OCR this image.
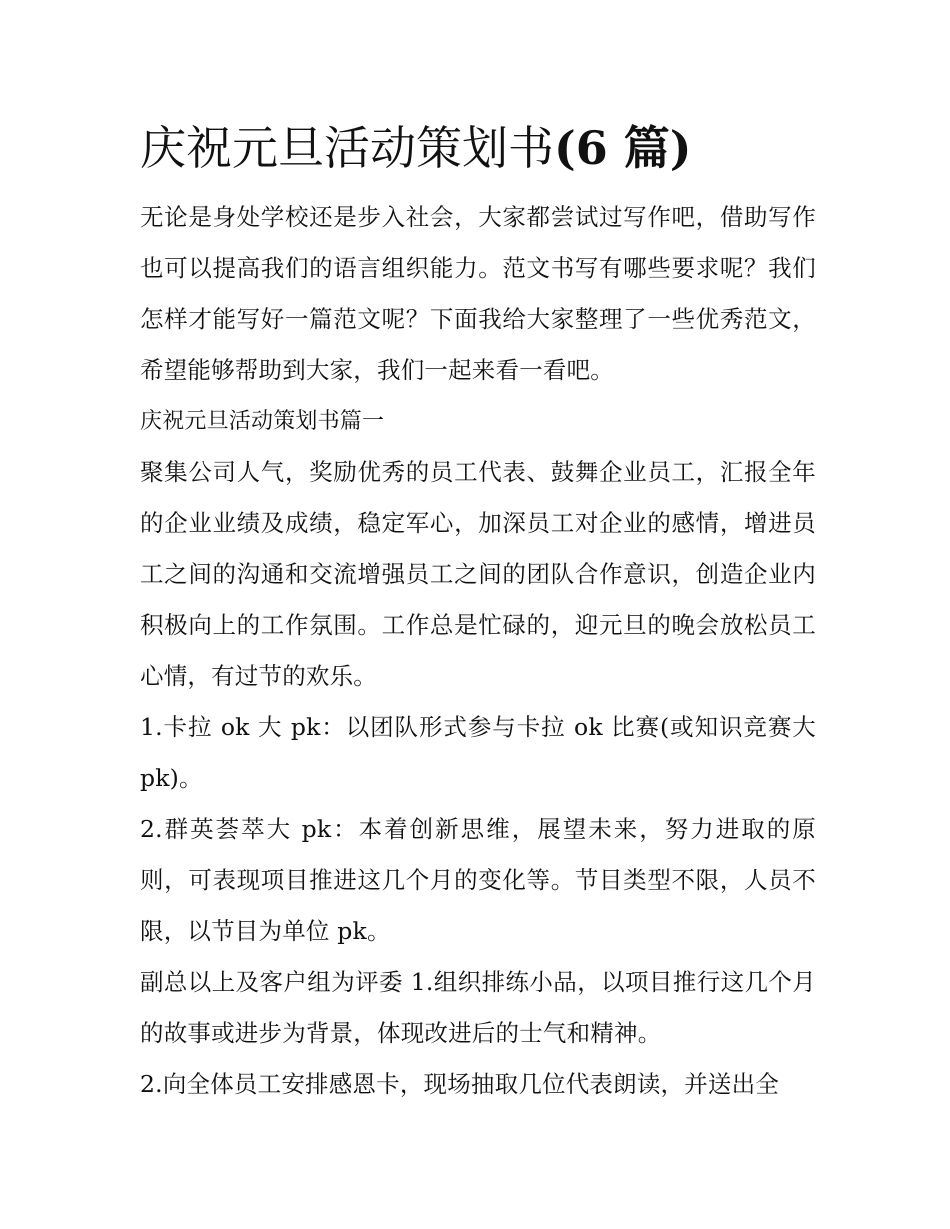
庆祝元旦活动策划书(6 篇)

无论是身处学校还是步入社会，大家都尝试过写作吧，借助写作也可以提高我们的语言组织能力。范文书写有哪些要求呢？我们怎样才能写好一篇范文呢？下面我给大家整理了一些优秀范文，希望能够帮助到大家，我们一起来看一看吧。

庆祝元旦活动策划书篇一

聚集公司人气，奖励优秀的员工代表、鼓舞企业员工，汇报全年的企业业绩及成绩，稳定军心，加深员工对企业的感情，增进员工之间的沟通和交流增强员工之间的团队合作意识，创造企业内积极向上的工作氛围。工作总是忙碌的，迎元旦的晚会放松员工心情，有过节的欢乐。

1.卡拉 ok 大 pk：以团队形式参与卡拉 ok 比赛(或知识竞赛大 pk)。

2.群英荟萃大 pk：本着创新思维，展望未来，努力进取的原则，可表现项目推进这几个月的变化等。节目类型不限，人员不限，以节目为单位 pk。

副总以上及客户组为评委 1.组织排练小品，以项目推行这几个月的故事或进步为背景，体现改进后的士气和精神。

2.向全体员工安排感恩卡，现场抽取几位代表朗读，并送出全
